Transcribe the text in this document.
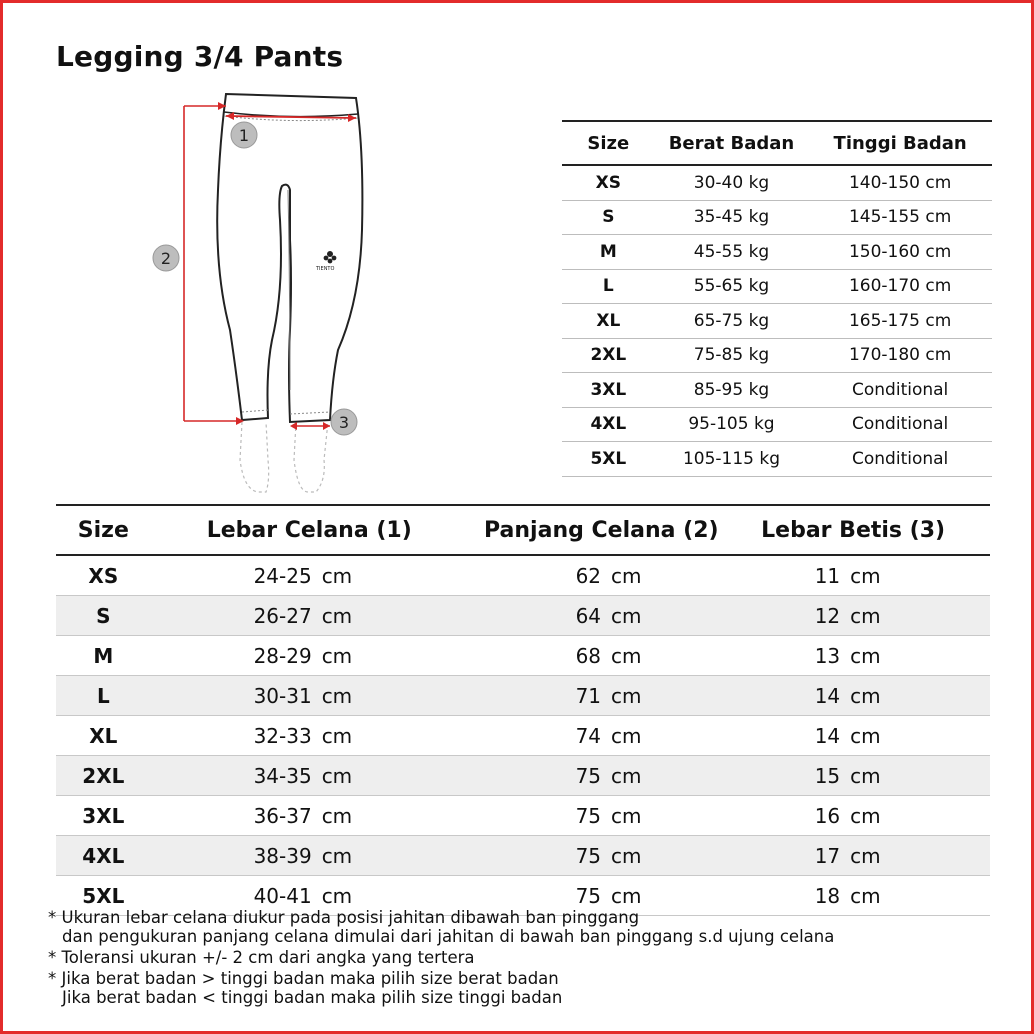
Legging 3/4 Pants
TIENTO
1
2
3
Size	Berat Badan	Tinggi Badan
XS	30-40 kg	140-150 cm
S	35-45 kg	145-155 cm
M	45-55 kg	150-160 cm
L	55-65 kg	160-170 cm
XL	65-75 kg	165-175 cm
2XL	75-85 kg	170-180 cm
3XL	85-95 kg	Conditional
4XL	95-105 kg	Conditional
5XL	105-115 kg	Conditional
Size	Lebar Celana (1)	Panjang Celana (2)	Lebar Betis (3)
XS	24-25 cm	62 cm	11 cm
S	26-27 cm	64 cm	12 cm
M	28-29 cm	68 cm	13 cm
L	30-31 cm	71 cm	14 cm
XL	32-33 cm	74 cm	14 cm
2XL	34-35 cm	75 cm	15 cm
3XL	36-37 cm	75 cm	16 cm
4XL	38-39 cm	75 cm	17 cm
5XL	40-41 cm	75 cm	18 cm

* Ukuran lebar celana diukur pada posisi jahitan dibawah ban pinggang

dan pengukuran panjang celana dimulai dari jahitan di bawah ban pinggang s.d ujung celana

* Toleransi ukuran +/- 2 cm dari angka yang tertera

* Jika berat badan > tinggi badan maka pilih size berat badan

Jika berat badan < tinggi badan maka pilih size tinggi badan
